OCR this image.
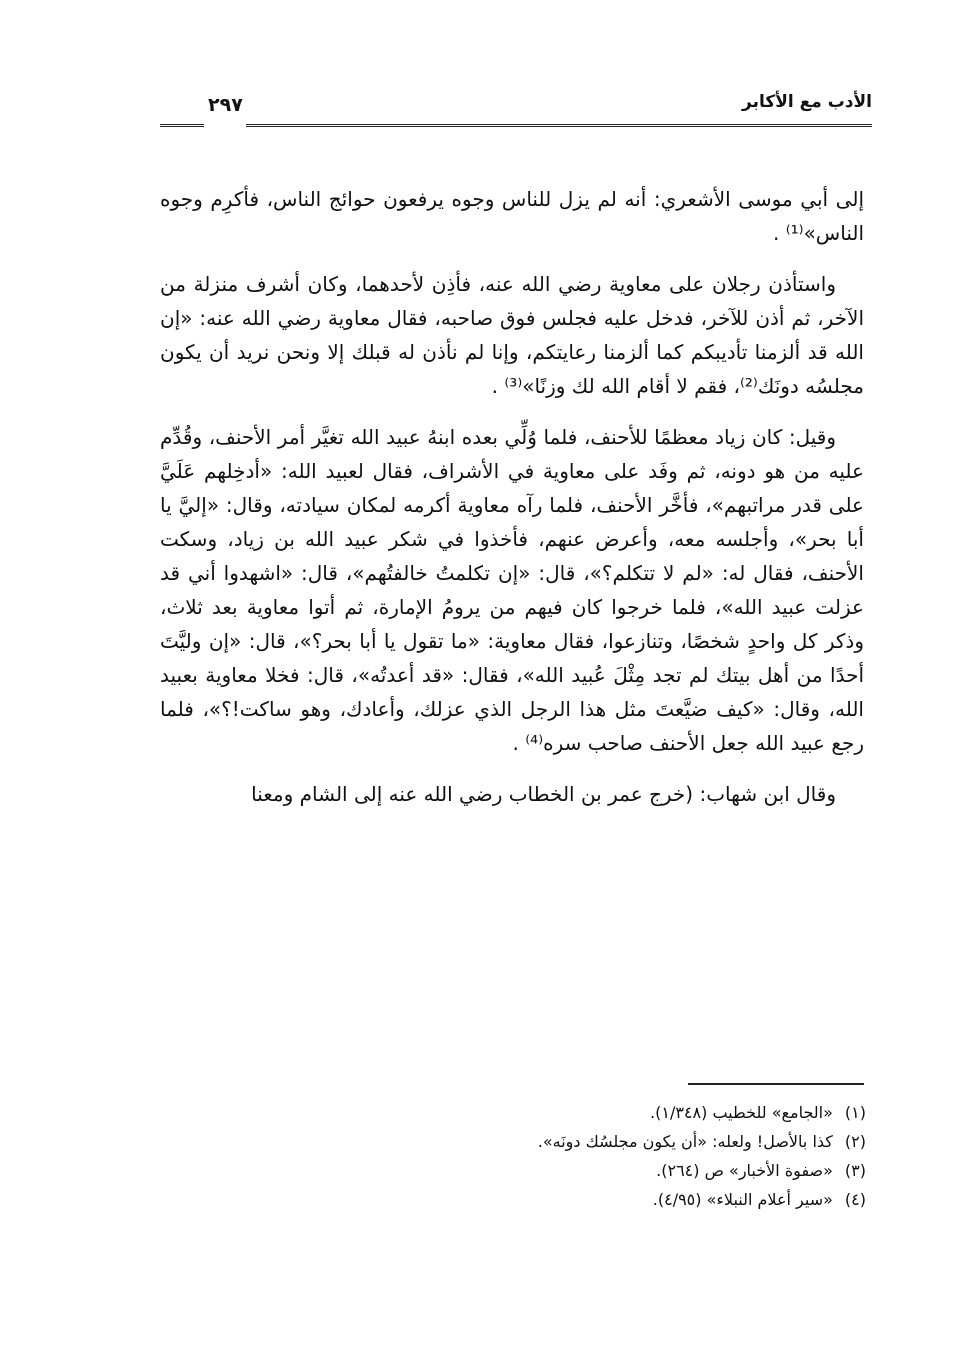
الأدب مع الأكابر
٢٩٧

إلى أبي موسى الأشعري: أنه لم يزل للناس وجوه يرفعون حوائج الناس، فأكرِم وجوه الناس»⁽¹⁾ .

واستأذن رجلان على معاوية رضي الله عنه، فأذِن لأحدهما، وكان أشرف منزلة من الآخر، ثم أذن للآخر، فدخل عليه فجلس فوق صاحبه، فقال معاوية رضي الله عنه: «إن الله قد ألزمنا تأديبكم كما ألزمنا رعايتكم، وإنا لم نأذن له قبلك إلا ونحن نريد أن يكون مجلسُه دونَك⁽²⁾، فقم لا أقام الله لك وزنًا»⁽³⁾ .

وقيل: كان زياد معظمًا للأحنف، فلما وُلِّي بعده ابنهُ عبيد الله تغيَّر أمر الأحنف، وقُدِّم عليه من هو دونه، ثم وفَد على معاوية في الأشراف، فقال لعبيد الله: «أدخِلهم عَلَيَّ على قدر مراتبهم»، فأخَّر الأحنف، فلما رآه معاوية أكرمه لمكان سيادته، وقال: «إليَّ يا أبا بحر»، وأجلسه معه، وأعرض عنهم، فأخذوا في شكر عبيد الله بن زياد، وسكت الأحنف، فقال له: «لم لا تتكلم؟»، قال: «إن تكلمتُ خالفتُهم»، قال: «اشهدوا أني قد عزلت عبيد الله»، فلما خرجوا كان فيهم من يرومُ الإمارة، ثم أتوا معاوية بعد ثلاث، وذكر كل واحدٍ شخصًا، وتنازعوا، فقال معاوية: «ما تقول يا أبا بحر؟»، قال: «إن وليَّتَ أحدًا من أهل بيتك لم تجد مِثْلَ عُبيد الله»، فقال: «قد أعدتُه»، قال: فخلا معاوية بعبيد الله، وقال: «كيف ضيَّعتَ مثل هذا الرجل الذي عزلك، وأعادك، وهو ساكت!؟»، فلما رجع عبيد الله جعل الأحنف صاحب سره⁽⁴⁾ .

وقال ابن شهاب: (خرج عمر بن الخطاب رضي الله عنه إلى الشام ومعنا

(١)«الجامع» للخطيب (١/٣٤٨).

(٢)كذا بالأصل! ولعله: «أن يكون مجلسُك دونَه».

(٣)«صفوة الأخبار» ص (٢٦٤).

(٤)«سير أعلام النبلاء» (٤/٩٥).
